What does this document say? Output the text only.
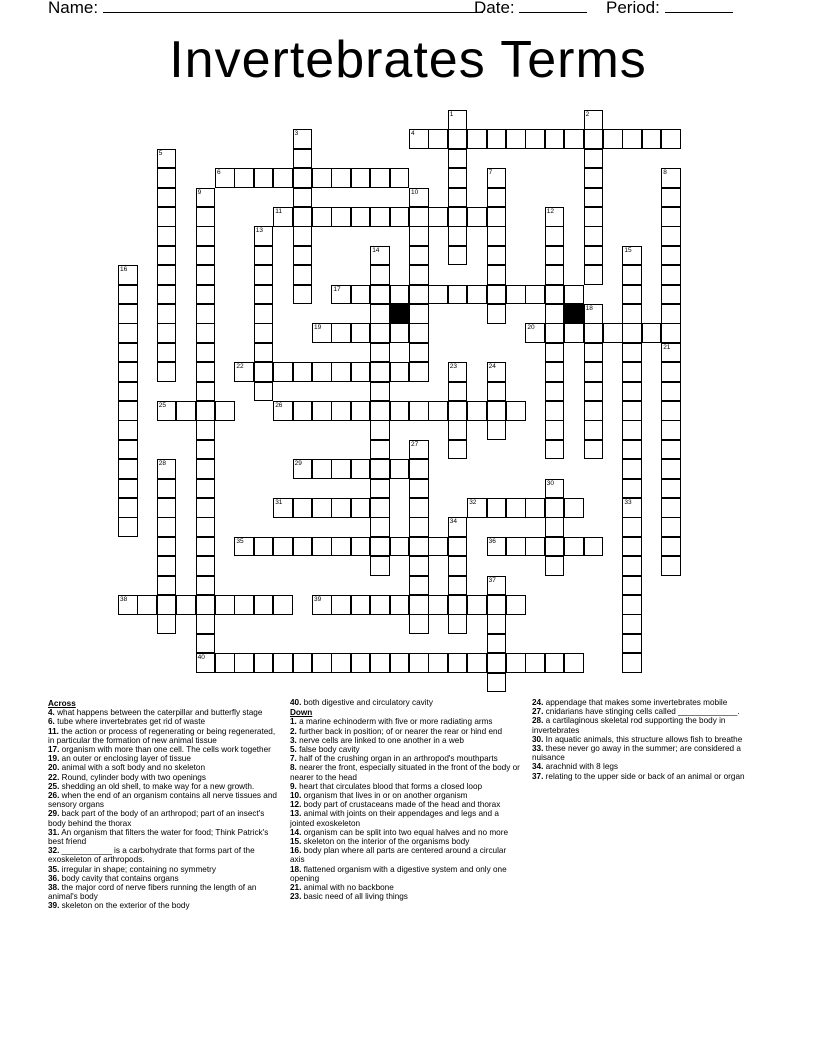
Name:	Date:	Period:
Invertebrates Terms
1	2
3	4
5
6	7	8
9	10
11	12
13
14	15
16
17
18
19	20
21
22	23	24
25	26
27
28	29
30
31	32	33
34
35	36
37
38	39
40
Across
4. what happens between the caterpillar and butterfly stage
6. tube where invertebrates get rid of waste
11. the action or process of regenerating or being regenerated, in particular the formation of new animal tissue
17. organism with more than one cell. The cells work together
19. an outer or enclosing layer of tissue
20. animal with a soft body and no skeleton
22. Round, cylinder body with two openings
25. shedding an old shell, to make way for a new growth.
26. when the end of an organism contains all nerve tissues and sensory organs
29. back part of the body of an arthropod; part of an insect's body behind the thorax
31. An organism that filters the water for food; Think Patrick's best friend
32. ___________ is a carbohydrate that forms part of the exoskeleton of arthropods.
35. irregular in shape; containing no symmetry
36. body cavity that contains organs
38. the major cord of nerve fibers running the length of an animal's body
39. skeleton on the exterior of the body
40. both digestive and circulatory cavity
Down
1. a marine echinoderm with five or more radiating arms
2. further back in position; of or nearer the rear or hind end
3. nerve cells are linked to one another in a web
5. false body cavity
7. half of the crushing organ in an arthropod's mouthparts
8. nearer the front, especially situated in the front of the body or nearer to the head
9. heart that circulates blood that forms a closed loop
10. organism that lives in or on another organism
12. body part of crustaceans made of the head and thorax
13. animal with joints on their appendages and legs and a jointed exoskeleton
14. organism can be split into two equal halves and no more
15. skeleton on the interior of the organisms body
16. body plan where all parts are centered around a circular axis
18. flattened organism with a digestive system and only one opening
21. animal with no backbone
23. basic need of all living things
24. appendage that makes some invertebrates mobile
27. cnidarians have stinging cells called _____________.
28. a cartilaginous skeletal rod supporting the body in invertebrates
30. In aquatic animals, this structure allows fish to breathe
33. these never go away in the summer; are considered a nuisance
34. arachnid with 8 legs
37. relating to the upper side or back of an animal or organ
